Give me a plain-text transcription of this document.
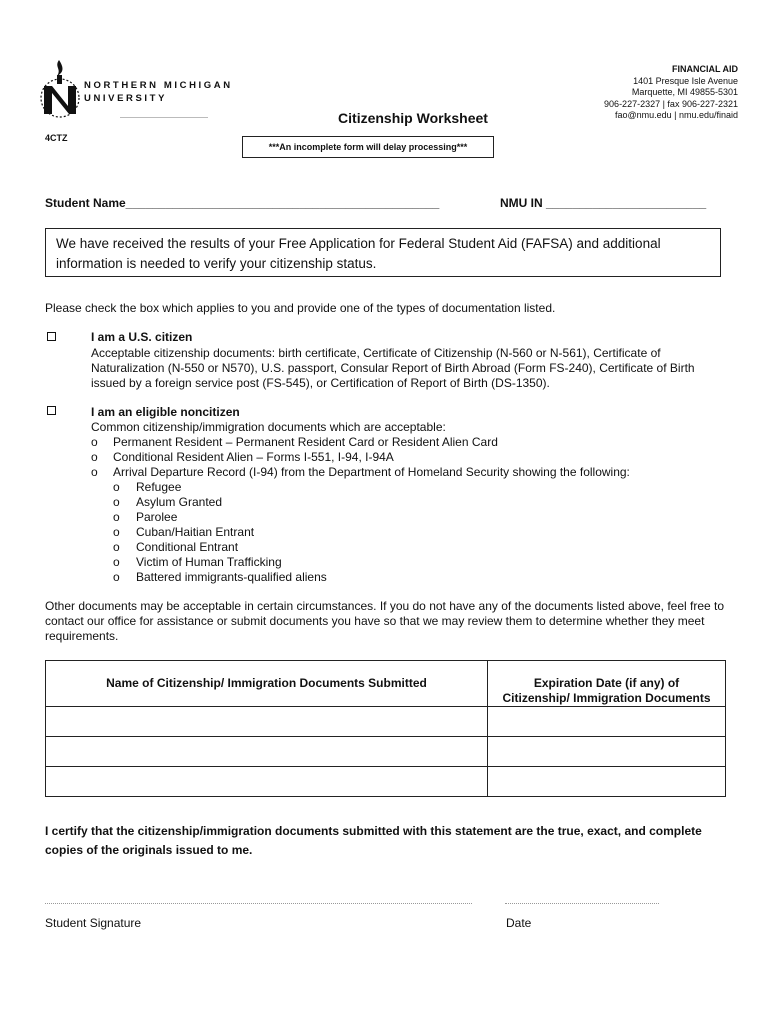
NORTHERN MICHIGAN
UNIVERSITY
FINANCIAL AID
1401 Presque Isle Avenue
Marquette, MI 49855-5301
906-227-2327 | fax 906-227-2321
fao@nmu.edu | nmu.edu/finaid
Citizenship Worksheet
4CTZ
***An incomplete form will delay processing***
Student Name_______________________________________________	NMU IN ________________________
We have received the results of your Free Application for Federal Student Aid (FAFSA) and additional information is needed to verify your citizenship status.
Please check the box which applies to you and provide one of the types of documentation listed.
I am a U.S. citizen
Acceptable citizenship documents: birth certificate, Certificate of Citizenship (N-560 or N-561), Certificate of Naturalization (N-550 or N570), U.S. passport, Consular Report of Birth Abroad (Form FS-240), Certificate of Birth issued by a foreign service post (FS-545), or Certification of Report of Birth (DS-1350).
I am an eligible noncitizen
Common citizenship/immigration documents which are acceptable:
o Permanent Resident – Permanent Resident Card or Resident Alien Card
o Conditional Resident Alien – Forms I-551, I-94, I-94A
o Arrival Departure Record (I-94) from the Department of Homeland Security showing the following:
o Refugee
o Asylum Granted
o Parolee
o Cuban/Haitian Entrant
o Conditional Entrant
o Victim of Human Trafficking
o Battered immigrants-qualified aliens
Other documents may be acceptable in certain circumstances. If you do not have any of the documents listed above, feel free to contact our office for assistance or submit documents you have so that we may review them to determine whether they meet requirements.
Name of Citizenship/ Immigration Documents Submitted	Expiration Date (if any) of
Citizenship/ Immigration Documents

I certify that the citizenship/immigration documents submitted with this statement are the true, exact, and complete copies of the originals issued to me.
Student Signature	Date
